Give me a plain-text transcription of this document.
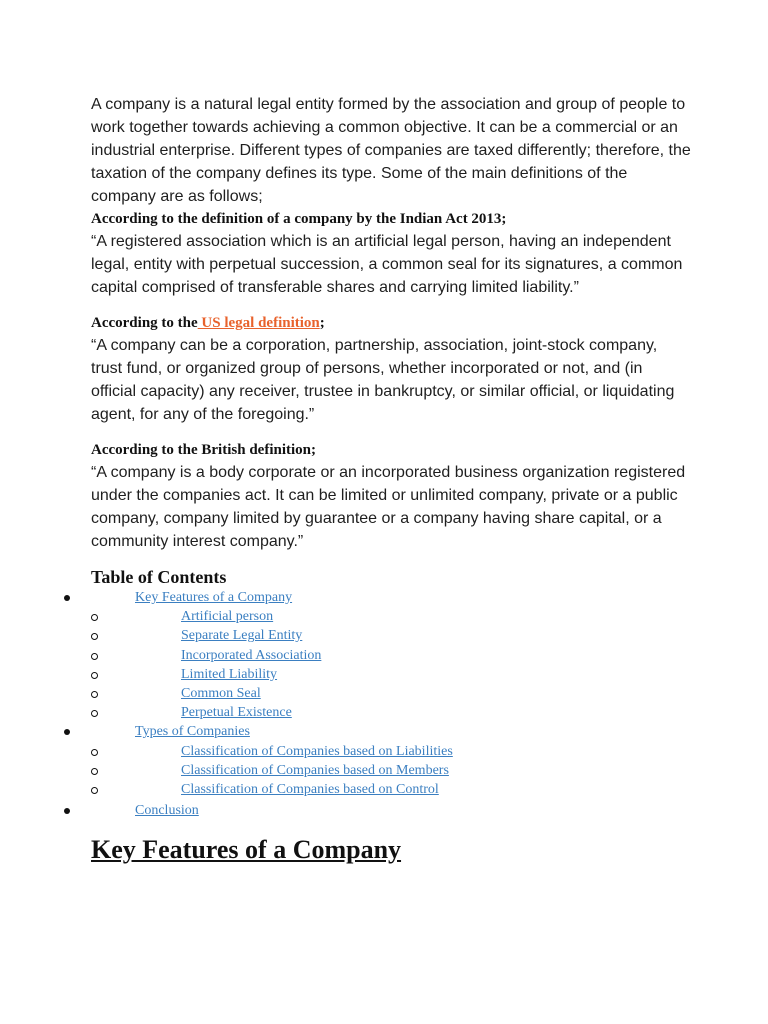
A company is a natural legal entity formed by the association and group of people to work together towards achieving a common objective. It can be a commercial or an industrial enterprise. Different types of companies are taxed differently; therefore, the taxation of the company defines its type. Some of the main definitions of the company are as follows;

According to the definition of a company by the Indian Act 2013;

“A registered association which is an artificial legal person, having an independent legal, entity with perpetual succession, a common seal for its signatures, a common capital comprised of transferable shares and carrying limited liability.”

According to the US legal definition;

“A company can be a corporation, partnership, association, joint-stock company, trust fund, or organized group of persons, whether incorporated or not, and (in official capacity) any receiver, trustee in bankruptcy, or similar official, or liquidating agent, for any of the foregoing.”

According to the British definition;

“A company is a body corporate or an incorporated business organization registered under the companies act. It can be limited or unlimited company, private or a public company, company limited by guarantee or a company having share capital, or a community interest company.”

Table of Contents
Key Features of a Company
Artificial person
Separate Legal Entity
Incorporated Association
Limited Liability
Common Seal
Perpetual Existence
Types of Companies
Classification of Companies based on Liabilities
Classification of Companies based on Members
Classification of Companies based on Control
Conclusion
Key Features of a Company
